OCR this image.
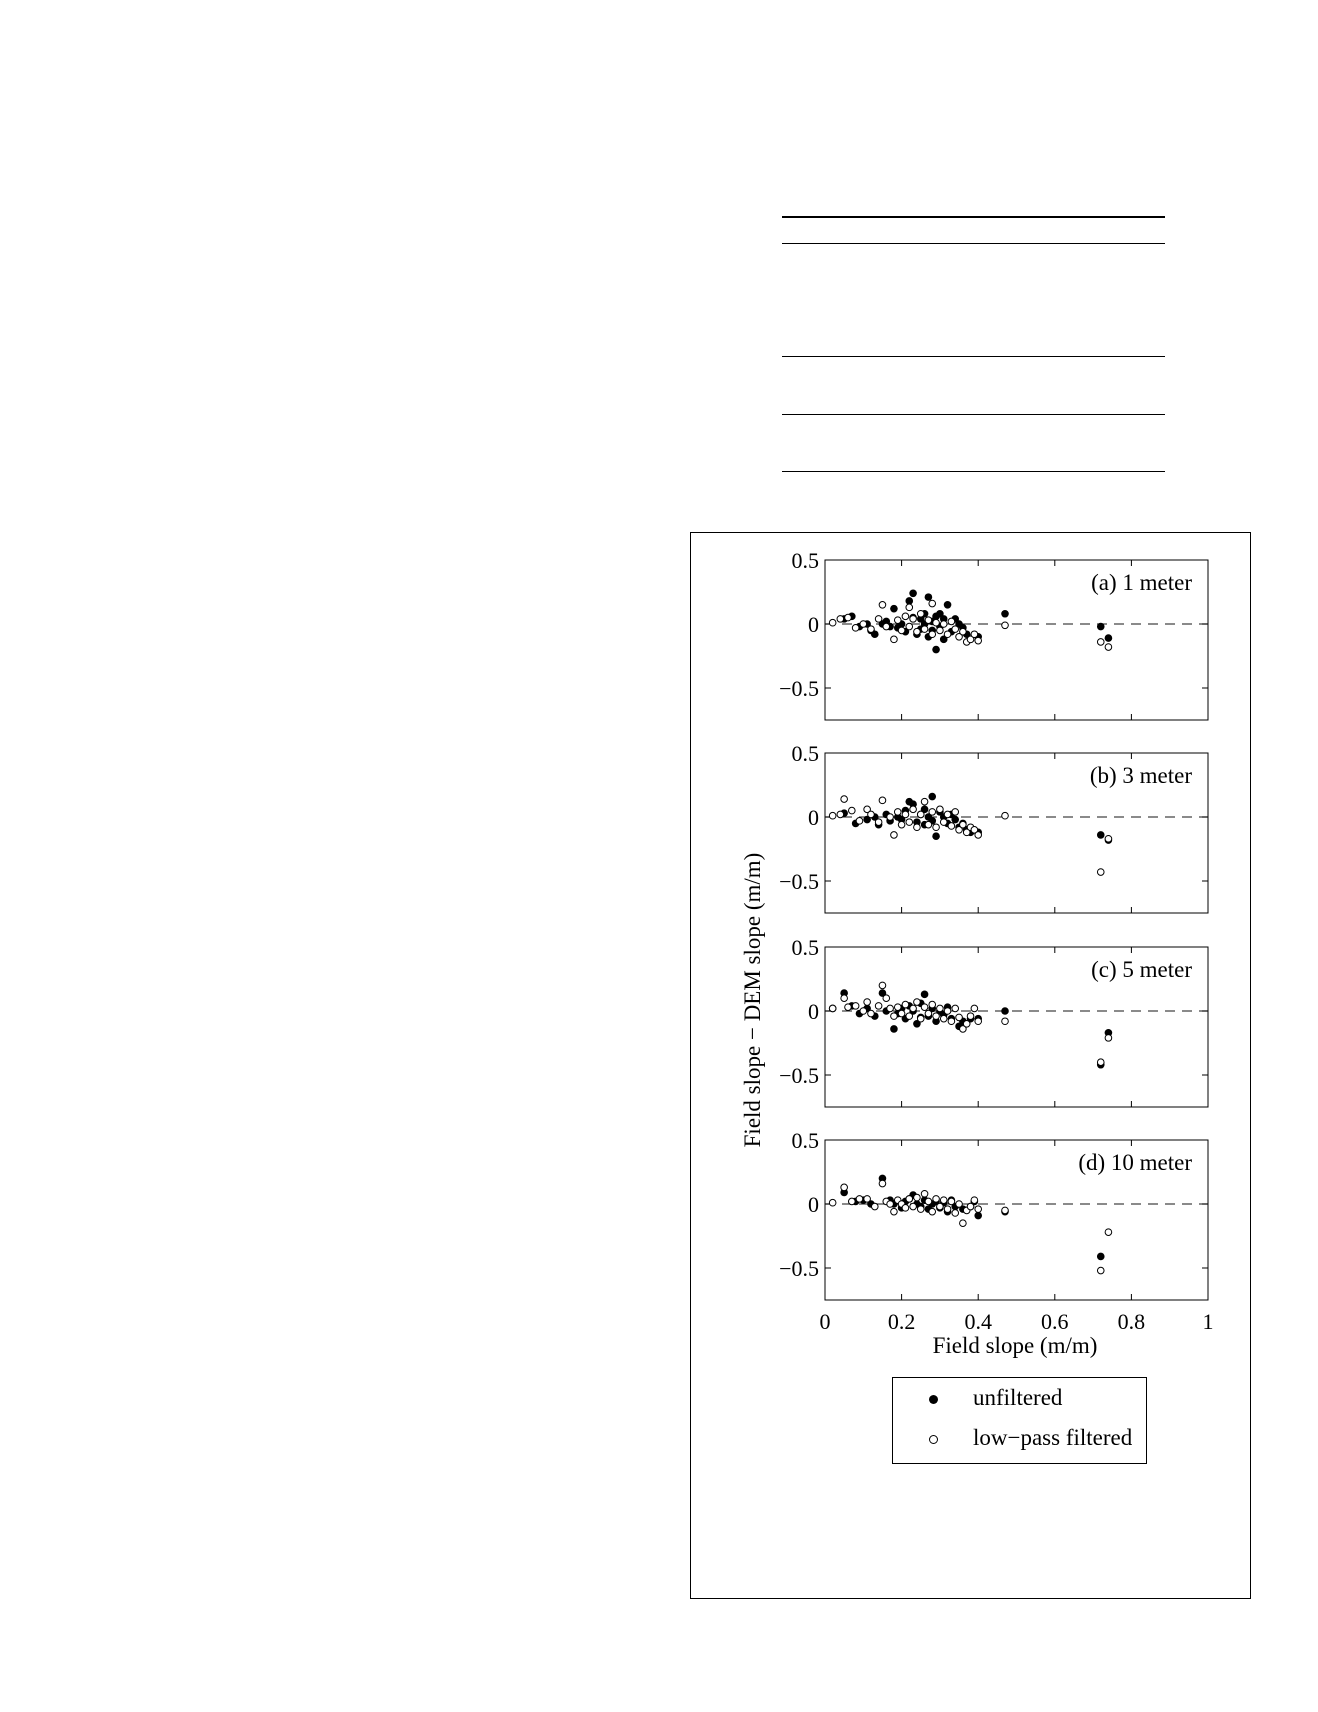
Field slope − DEM slope (m/m)
Field slope (m/m)
0.5
0
−0.5
(a) 1 meter
0.5
0
−0.5
(b) 3 meter
0.5
0
−0.5
(c) 5 meter
0.5
0
−0.5
(d) 10 meter
0	0.2 0.4 0.6 0.8	1
unfiltered
low−pass filtered
